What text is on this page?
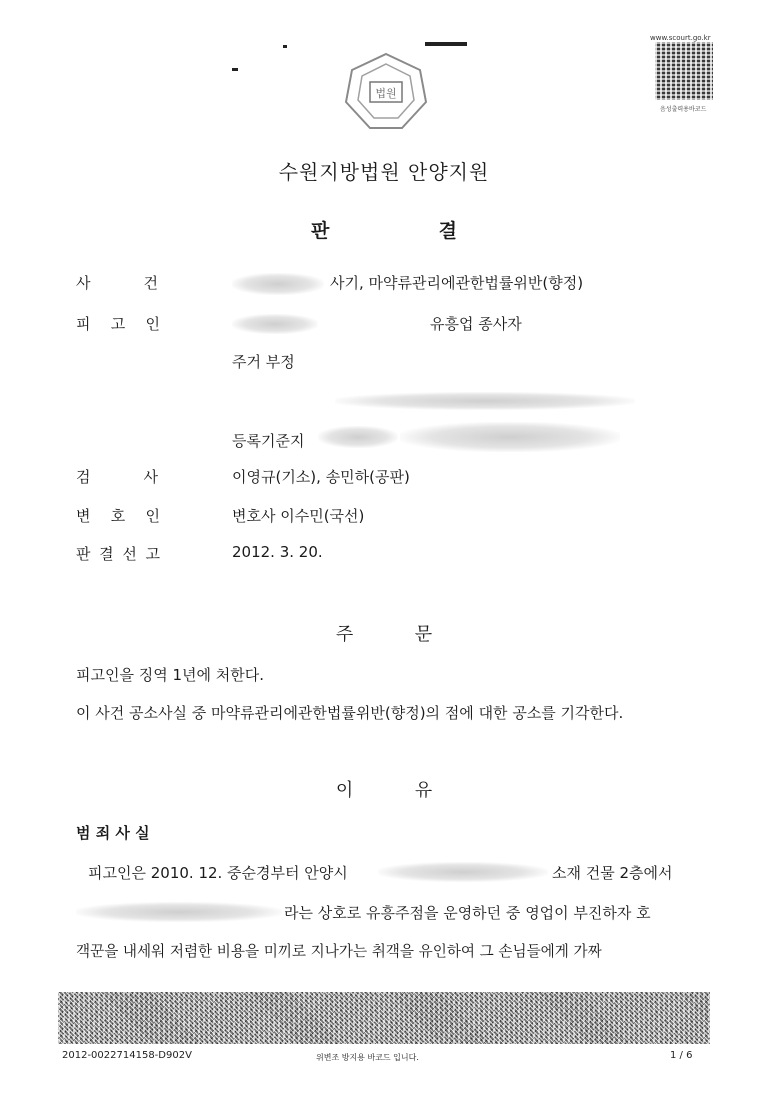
법원
www.scourt.go.kr
음성출력용바코드
수원지방법원 안양지원
판	결
사	건	사기, 마약류관리에관한법률위반(향정)
피 고 인	유흥업 종사자
주거 부정
등록기준지
검	사	이영규(기소), 송민하(공판)
변 호 인	변호사 이수민(국선)
판 결 선 고	2012. 3. 20.
주	문
피고인을 징역 1년에 처한다.
이 사건 공소사실 중 마약류관리에관한법률위반(향정)의 점에 대한 공소를 기각한다.
이	유
범 죄 사 실
피고인은 2010. 12. 중순경부터 안양시	소재 건물 2층에서
라는 상호로 유흥주점을 운영하던 중 영업이 부진하자 호
객꾼을 내세워 저렴한 비용을 미끼로 지나가는 취객을 유인하여 그 손님들에게 가짜
2012-0022714158-D902V	위변조 방지용 바코드 입니다.	1 / 6
